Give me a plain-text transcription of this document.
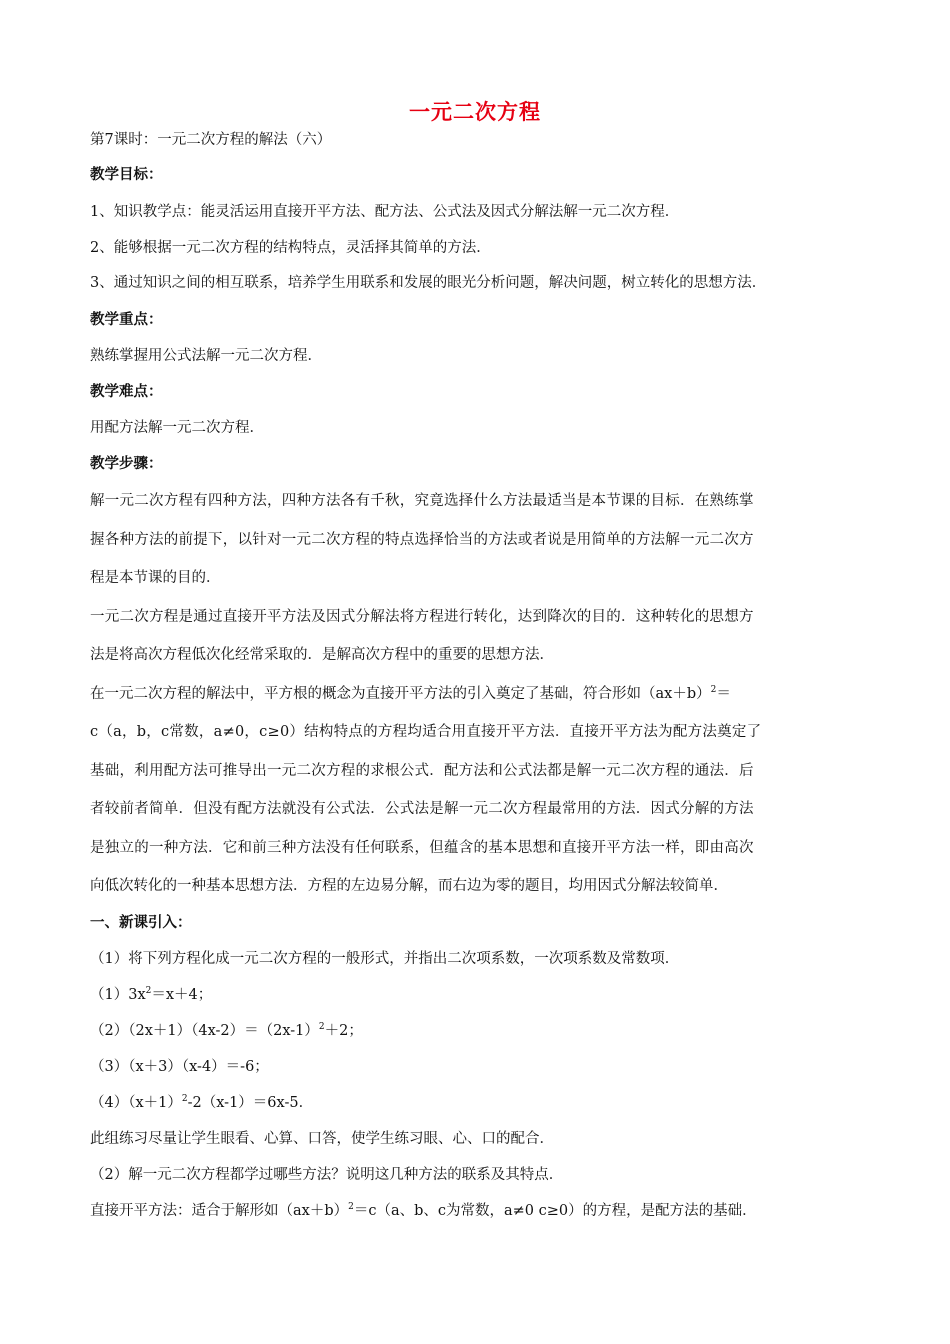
一元二次方程
第7课时：一元二次方程的解法（六）
教学目标：
1、知识教学点：能灵活运用直接开平方法、配方法、公式法及因式分解法解一元二次方程．
2、能够根据一元二次方程的结构特点，灵活择其简单的方法．
3、通过知识之间的相互联系，培养学生用联系和发展的眼光分析问题，解决问题，树立转化的思想方法．
教学重点：
熟练掌握用公式法解一元二次方程．
教学难点：
用配方法解一元二次方程．
教学步骤：
解一元二次方程有四种方法，四种方法各有千秋，究竟选择什么方法最适当是本节课的目标．在熟练掌
握各种方法的前提下，以针对一元二次方程的特点选择恰当的方法或者说是用简单的方法解一元二次方
程是本节课的目的．
一元二次方程是通过直接开平方法及因式分解法将方程进行转化，达到降次的目的．这种转化的思想方
法是将高次方程低次化经常采取的．是解高次方程中的重要的思想方法．
在一元二次方程的解法中，平方根的概念为直接开平方法的引入奠定了基础，符合形如$(ax+b)^2=$
c（a，b，c常数，a≠0，c≥0）结构特点的方程均适合用直接开平方法．直接开平方法为配方法奠定了
基础，利用配方法可推导出一元二次方程的求根公式．配方法和公式法都是解一元二次方程的通法．后
者较前者简单．但没有配方法就没有公式法．公式法是解一元二次方程最常用的方法．因式分解的方法
是独立的一种方法．它和前三种方法没有任何联系，但蕴含的基本思想和直接开平方法一样，即由高次
向低次转化的一种基本思想方法．方程的左边易分解，而右边为零的题目，均用因式分解法较简单．
一、新课引入：
（1）将下列方程化成一元二次方程的一般形式，并指出二次项系数，一次项系数及常数项．
$(1)3x^2=x+4$；
$(2)(2x+1)(4x-2)=(2x-1)^2+2$；
（3）（x＋3）（x-4）＝-6；
$(4)(x+1)^2-2(x-1)=6x-5$．
此组练习尽量让学生眼看、心算、口答，使学生练习眼、心、口的配合．
（2）解一元二次方程都学过哪些方法？说明这几种方法的联系及其特点．
直接开平方法：适合于解形如$(ax+b)^2=c(a$、b、c为常数，a≠0 c≥0）的方程，是配方法的基础．
